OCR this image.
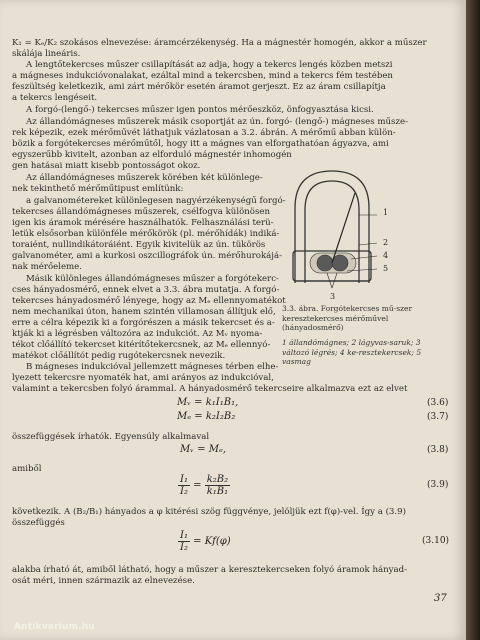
K₁ = Kₑ/K₂ szokásos elnevezése: áramcérzékenység. Ha a mágnestér homogén, akkor a műszer
skálája lineáris.
A lengtőtekercses műszer csillapítását az adja, hogy a tekercs lengés közben metszi
a mágneses indukcióvonalakat, ezáltal mind a tekercsben, mind a tekercs fém testében
feszültség keletkezik, ami zárt mérőkör esetén áramot gerjeszt. Ez az áram csillapítja
a tekercs lengéseit.
A forgó-(lengő-) tekercses műszer igen pontos mérőeszköz, önfogyasztása kicsi.
Az állandómágneses műszerek másik csoportját az ún. forgó- (lengő-) mágneses műsze-
rek képezik, ezek mérőművét láthatjuk vázlatosan a 3.2. ábrán. A mérőmű abban külön-
bözik a forgótekercses mérőműtől, hogy itt a mágnes van elforgathatóan ágyazva, ami
egyszerűbb kivitelt, azonban az elforduló mágnestér inhomogén
gen hatásai miatt kisebb pontosságot okoz.
Az állandómágneses műszerek körében két különlege-
nek tekinthető mérőműtipust említünk:
a galvanométereket különlegesen nagyérzékenységű forgó-
tekercses állandómágneses műszerek, csélfogva különösen
igen kis áramok mérésére használhatók. Felhasználási terü-
letük elsősorban különféle mérőkörök (pl. mérőhídák) indiká-
toraiént, nullindikátoráiént. Egyik kivitelük az ún. tükörös
galvanométer, ami a kurkosi oszcillográfok ún. mérőhurokájá-
nak mérőeleme.
Másik különleges állandómágneses műszer a forgótekerc-
cses hányadosmérő, ennek elvet a 3.3. ábra mutatja. A forgó-
tekercses hányadosmérő lényege, hogy az Mₑ ellennyomatékot
nem mechanikai úton, hanem szintén villamosan állítjuk elő,
erre a célra képezik ki a forgórészen a másik tekercset és a-
ktják ki a légrésben változóra az indukciót. Az Mᵥ nyoma-
tékot clőállító tekercset kitérítőtekercsnek, az Mₑ ellennyó-
matékot clőállítót pedig rugótekercsnek nevezik.
B mágneses indukcióval jellemzett mágneses térben elhe-
lyezett tekercsre nyomaték hat, ami arányos az indukcióval,
valamint a tekercsben folyó árammal. A hányadosmérő tekercseire alkalmazva ezt az elvet
1
2
4
5
3
3.3. ábra. Forgótekercses mű-szer keresztekercses mérőművel (hányadosmérő)
1 állandómágnes; 2 lágyvas-saruk; 3 változó légrés; 4 ke-resztekercsek; 5 vasmag
Mᵥ = k₁I₁B₁,	(3.6)
Mₑ = k₂I₂B₂	(3.7)
összefüggések írhatók. Egyensúly alkalmaval
Mᵥ = Mₑ,	(3.8)
amiből
$\frac{\text{I₁}}{\text{I₂}} = \frac{\text{k₂B₂}}{\text{k₁B₁}}$	(3.9)
következik. A (B₂/B₁) hányados a φ kitérési szög függvénye, jelöljük ezt f(φ)-vel. Így a (3.9)
összefüggés
$\frac{\text{I₁}}{\text{I₂}} = Kf(\varphi)$	(3.10)
alakba írható át, amiből látható, hogy a műszer a keresztekercseken folyó áramok hányad-
osát méri, innen származik az elnevezése.
37
Antikvarium.hu
